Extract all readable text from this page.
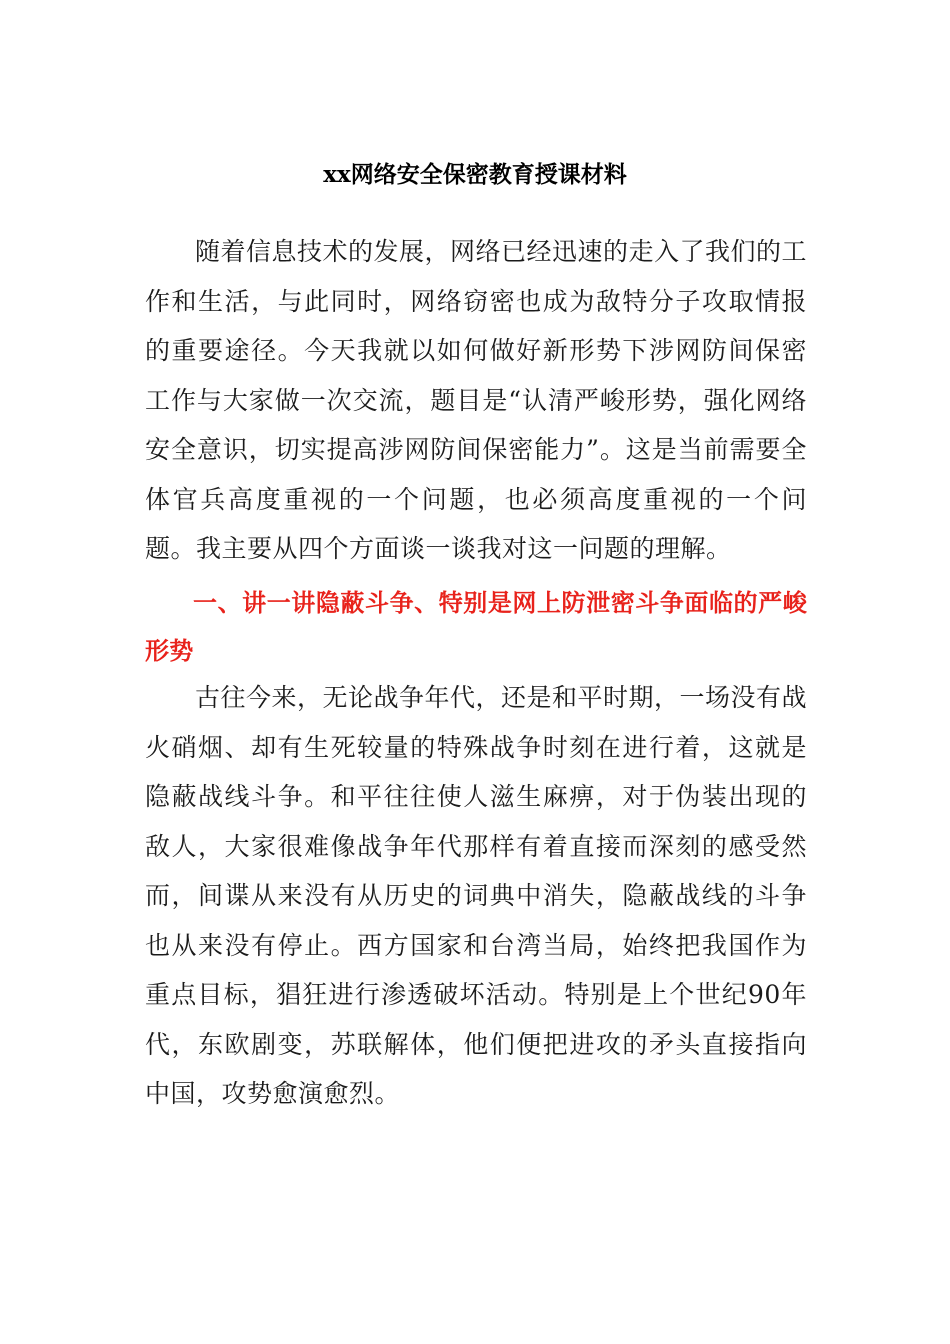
xx网络安全保密教育授课材料

随着信息技术的发展，网络已经迅速的走入了我们的工作和生活，与此同时，网络窃密也成为敌特分子攻取情报的重要途径。今天我就以如何做好新形势下涉网防间保密工作与大家做一次交流，题目是“认清严峻形势，强化网络安全意识，切实提高涉网防间保密能力”。这是当前需要全体官兵高度重视的一个问题，也必须高度重视的一个问题。我主要从四个方面谈一谈我对这一问题的理解。

一、讲一讲隐蔽斗争、特别是网上防泄密斗争面临的严峻形势

古往今来，无论战争年代，还是和平时期，一场没有战火硝烟、却有生死较量的特殊战争时刻在进行着，这就是隐蔽战线斗争。和平往往使人滋生麻痹，对于伪装出现的敌人，大家很难像战争年代那样有着直接而深刻的感受然而，间谍从来没有从历史的词典中消失，隐蔽战线的斗争也从来没有停止。西方国家和台湾当局，始终把我国作为重点目标，猖狂进行渗透破坏活动。特别是上个世纪90年代，东欧剧变，苏联解体，他们便把进攻的矛头直接指向中国，攻势愈演愈烈。
